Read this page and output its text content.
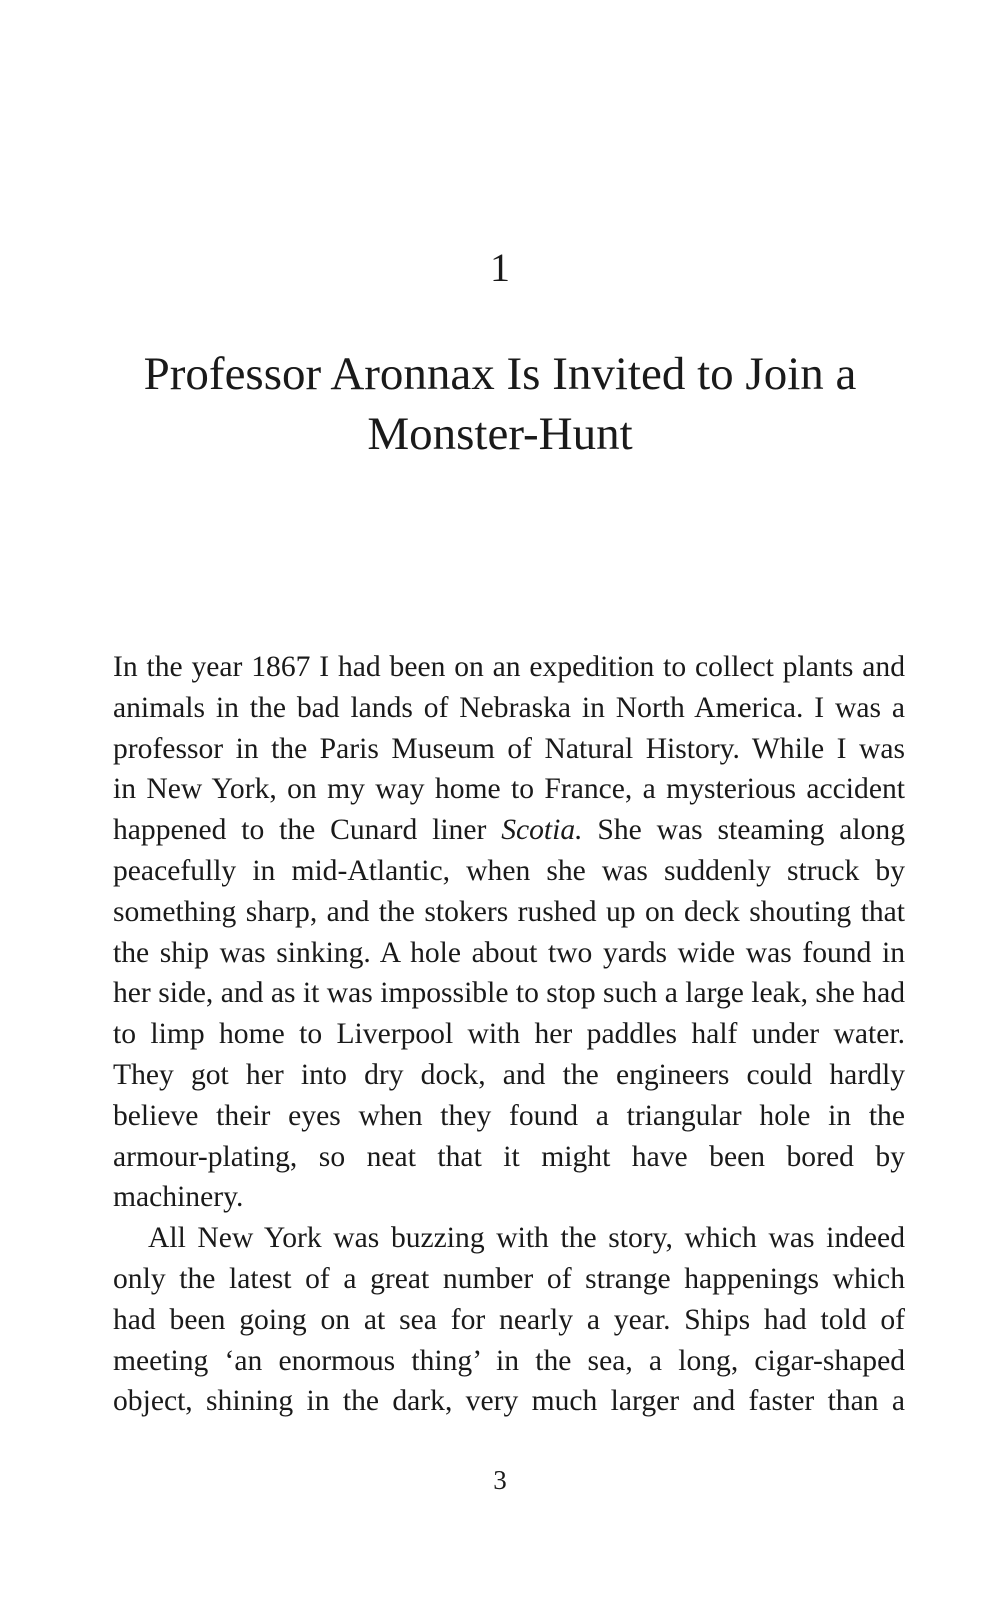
1
Professor Aronnax Is Invited to Join a
Monster-Hunt
In the year 1867 I had been on an expedition to collect plants and
animals in the bad lands of Nebraska in North America. I was a
professor in the Paris Museum of Natural History. While I was
in New York, on my way home to France, a mysterious accident
happened to the Cunard liner Scotia. She was steaming along
peacefully in mid-Atlantic, when she was suddenly struck by
something sharp, and the stokers rushed up on deck shouting that
the ship was sinking. A hole about two yards wide was found in
her side, and as it was impossible to stop such a large leak, she had
to limp home to Liverpool with her paddles half under water.
They got her into dry dock, and the engineers could hardly
believe their eyes when they found a triangular hole in the
armour-plating, so neat that it might have been bored by
machinery.
All New York was buzzing with the story, which was indeed
only the latest of a great number of strange happenings which
had been going on at sea for nearly a year. Ships had told of
meeting ‘an enormous thing’ in the sea, a long, cigar-shaped
object, shining in the dark, very much larger and faster than a
3
